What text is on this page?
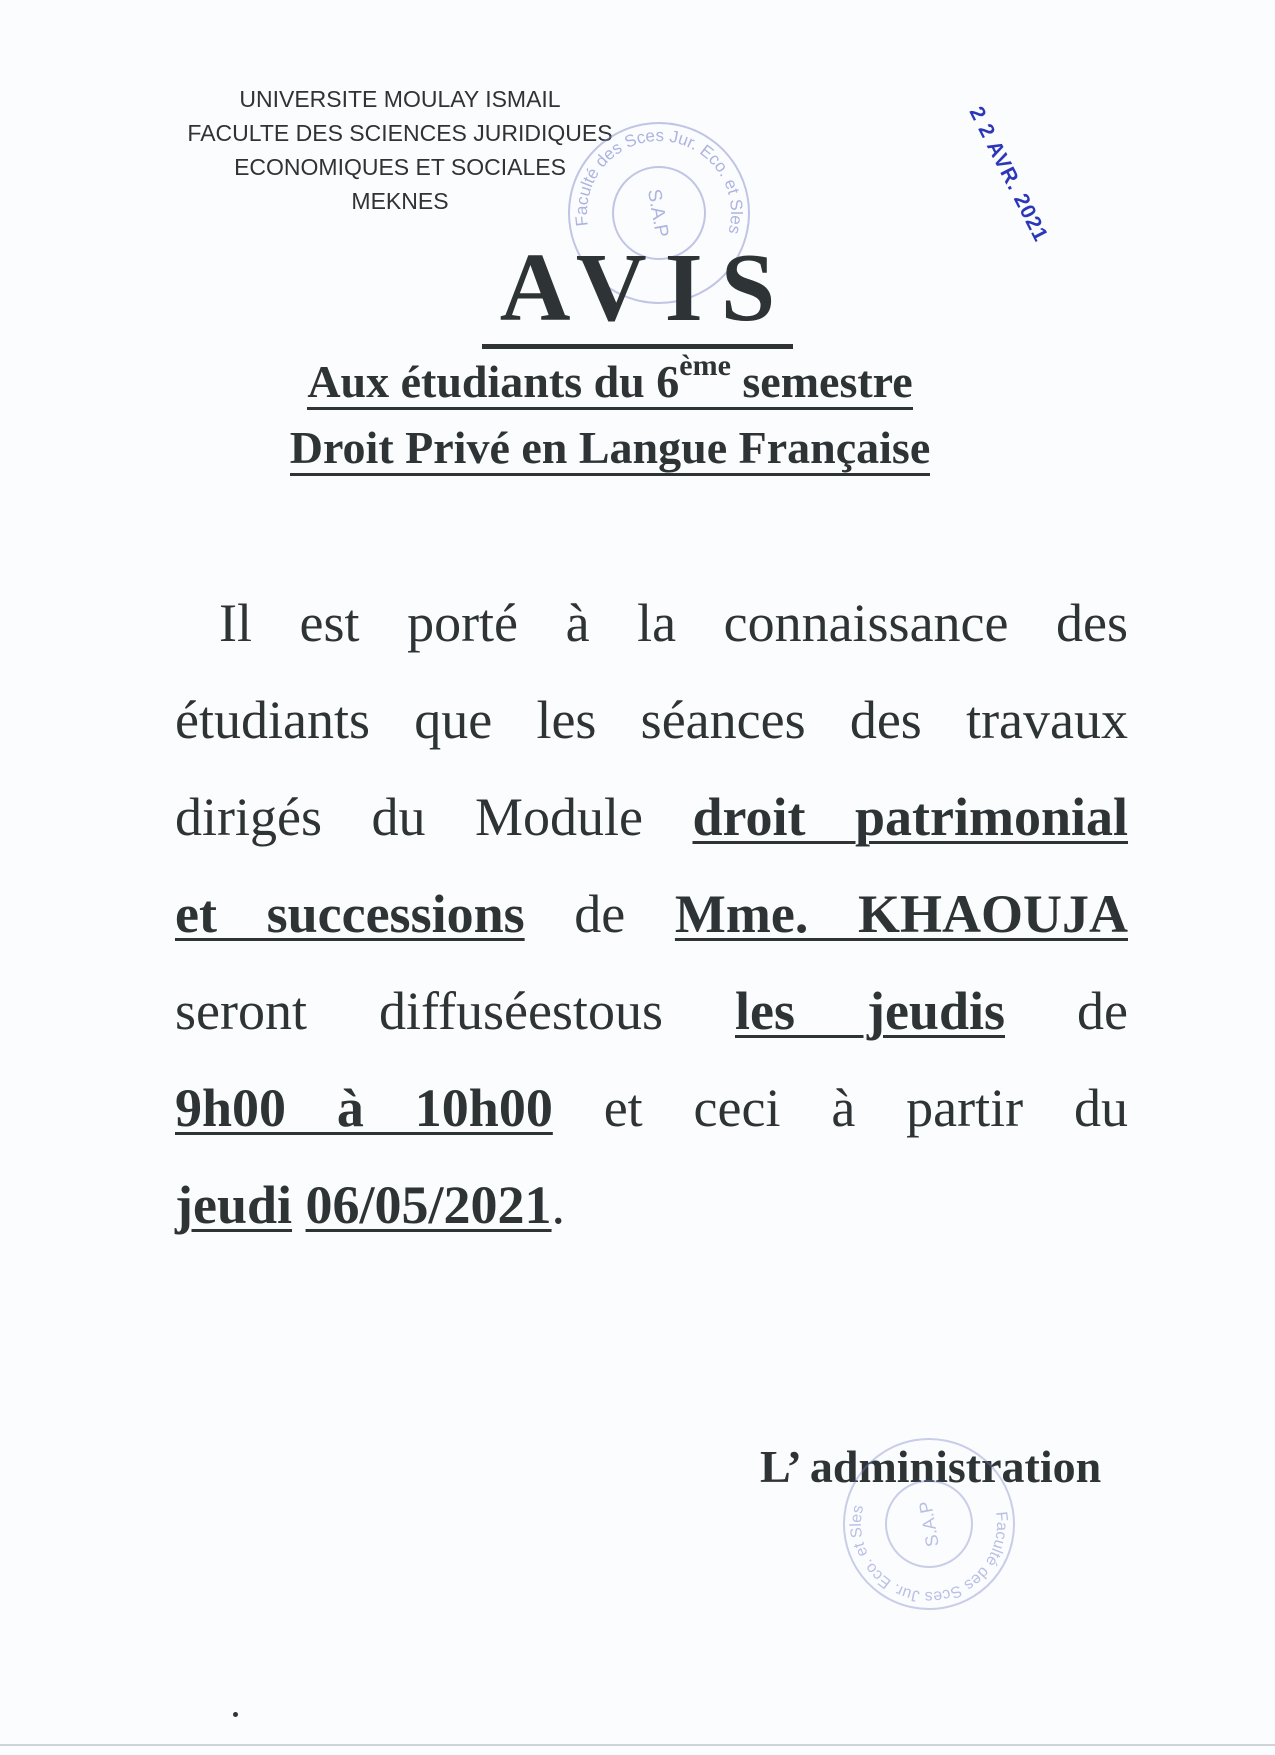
UNIVERSITE MOULAY ISMAIL
FACULTE DES SCIENCES JURIDIQUES
ECONOMIQUES ET SOCIALES
MEKNES
Faculté des Sces Jur. Eco. et Sles
S.A.P	2 2 AVR. 2021
AVIS
Aux étudiants du 6ème semestre
Droit Privé en Langue Française
Il est porté à la connaissance des
étudiants que les séances des travaux
dirigés du Module droit patrimonial
et successions de Mme. KHAOUJA
seront diffuséestous les jeudis de
9h00 à 10h00 et ceci à partir du
jeudi 06/05/2021.
L’ administration
Faculté des Sces Jur. Eco. et Sles	S.A.P
